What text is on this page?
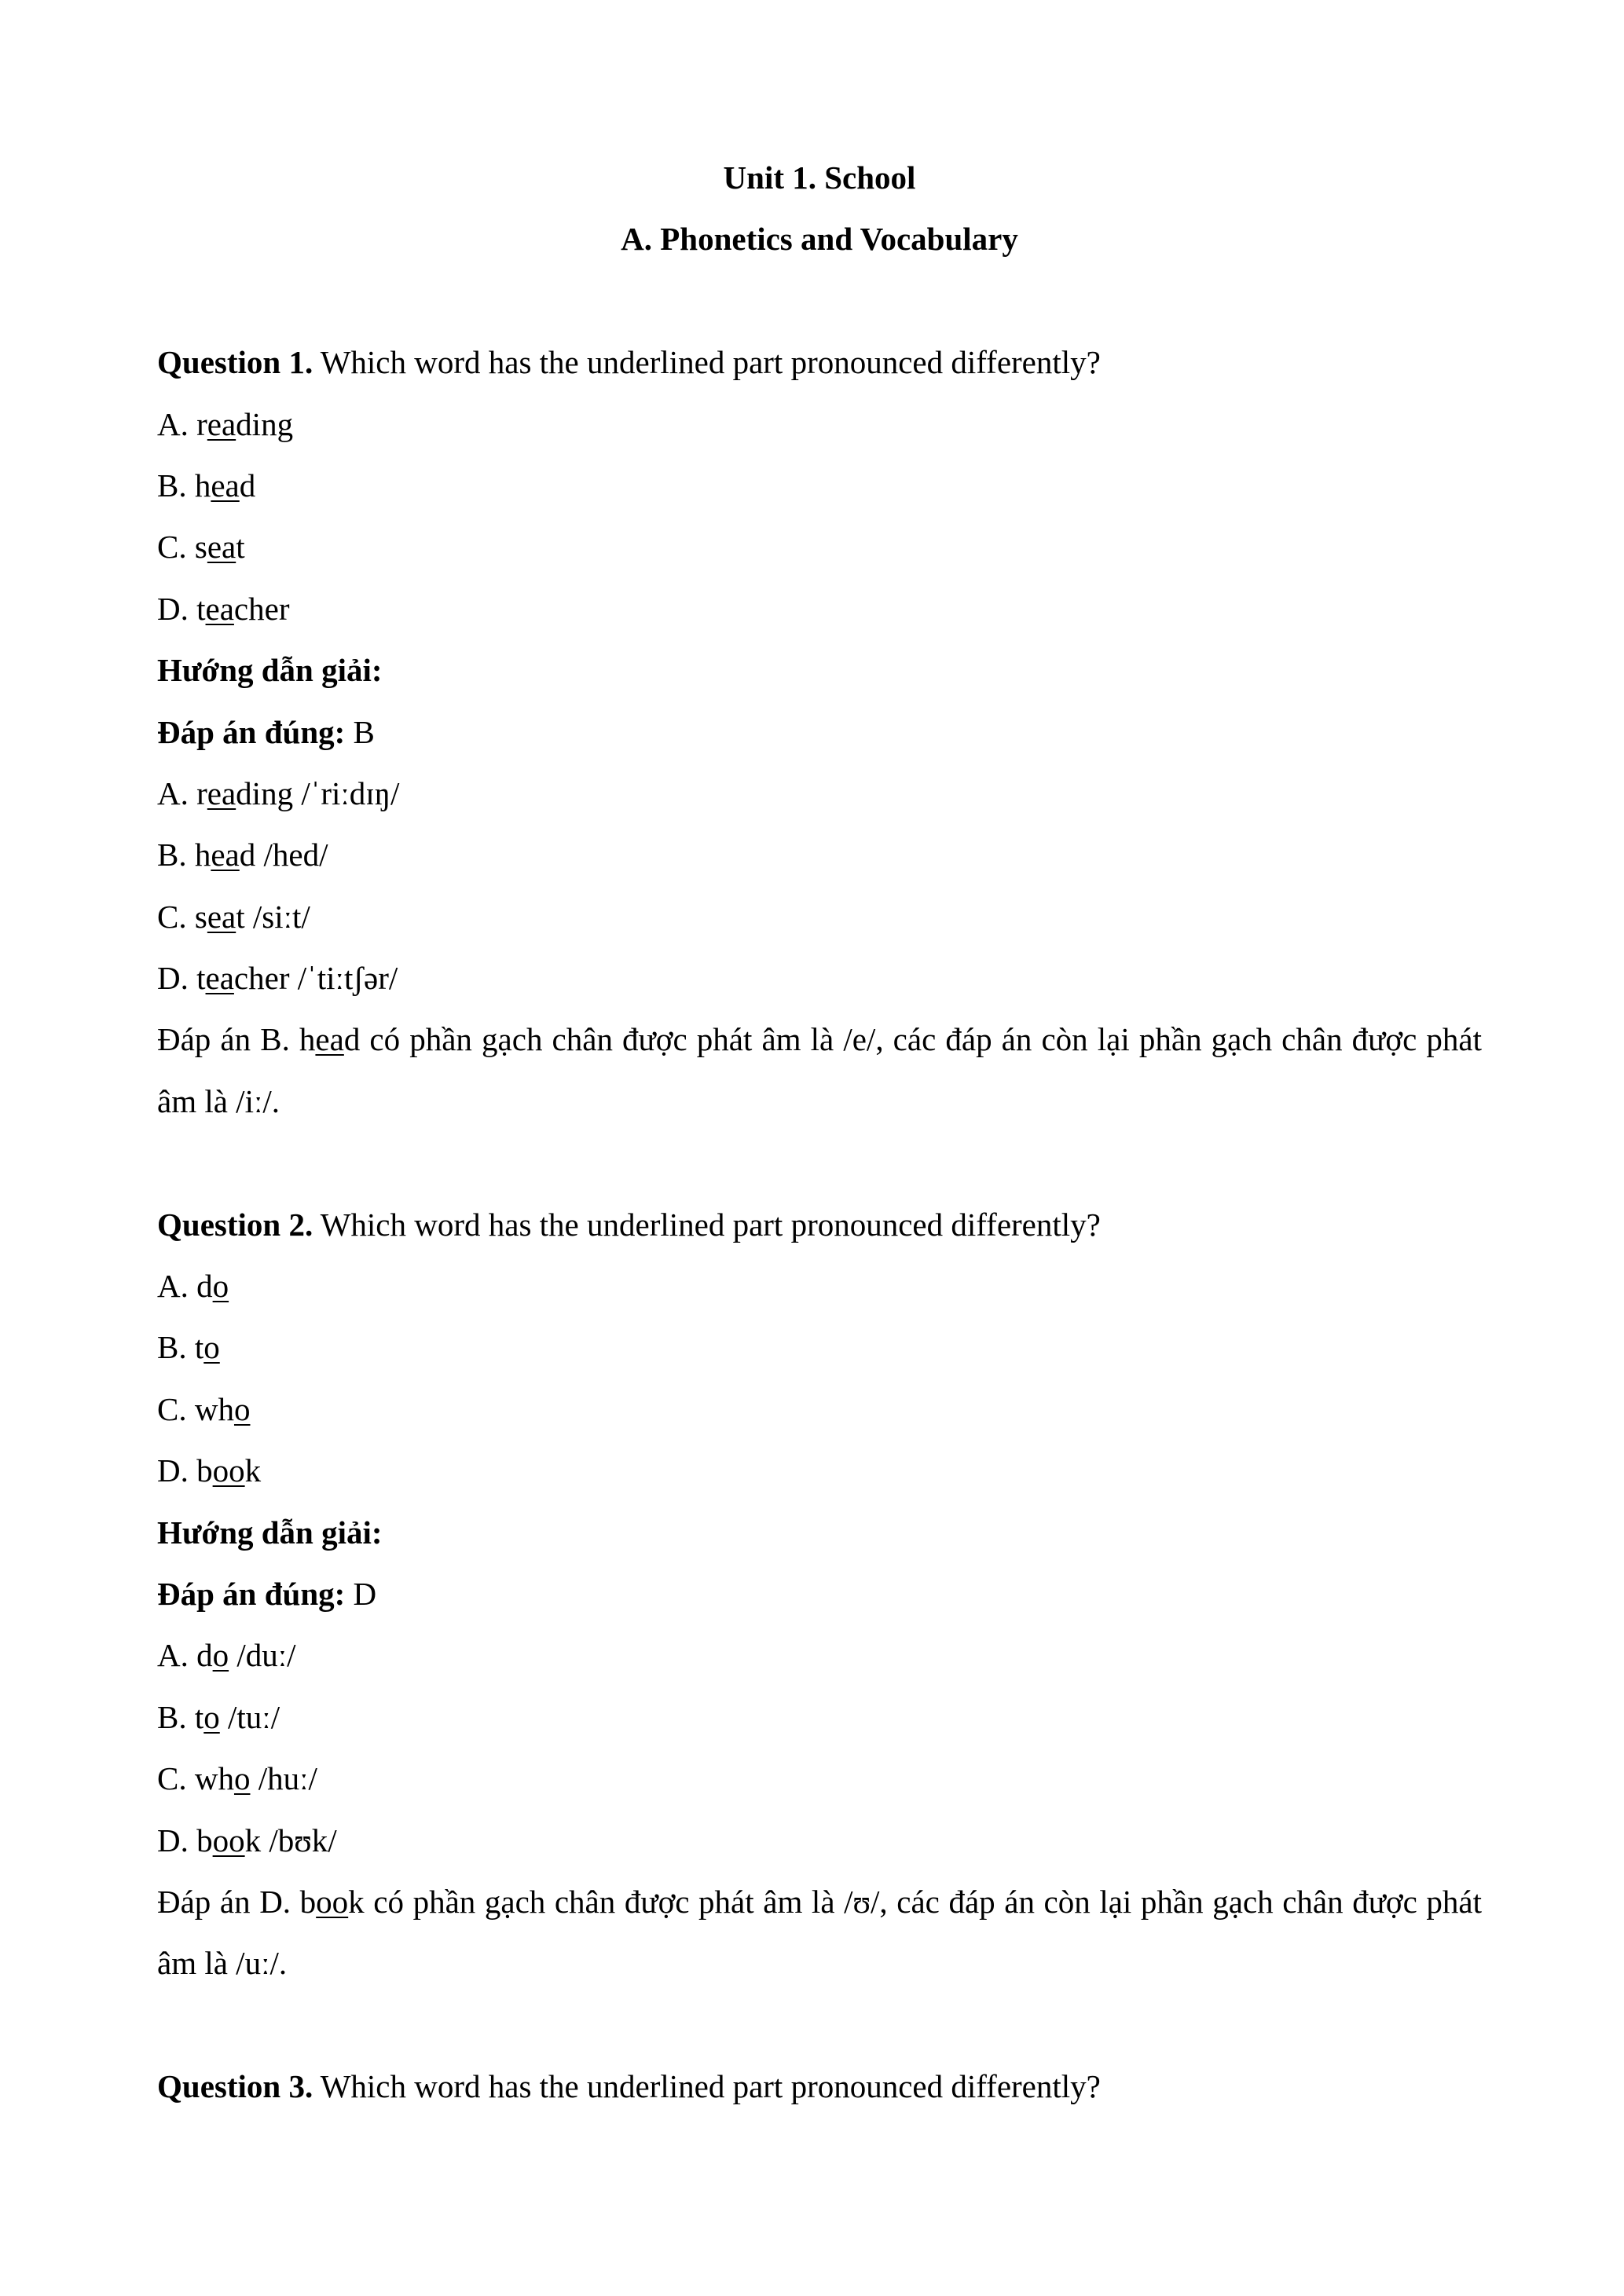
Unit 1. School
A. Phonetics and Vocabulary
Question 1. Which word has the underlined part pronounced differently?
A. reading
B. head
C. seat
D. teacher
Hướng dẫn giải:
Đáp án đúng: B
A. reading /ˈriːdɪŋ/
B. head /hed/
C. seat /siːt/
D. teacher /ˈtiːtʃər/
Đáp án B. head có phần gạch chân được phát âm là /e/, các đáp án còn lại phần gạch chân được phát âm là /iː/.
Question 2. Which word has the underlined part pronounced differently?
A. do
B. to
C. who
D. book
Hướng dẫn giải:
Đáp án đúng: D
A. do /duː/
B. to /tuː/
C. who /huː/
D. book /bʊk/
Đáp án D. book có phần gạch chân được phát âm là /ʊ/, các đáp án còn lại phần gạch chân được phát âm là /uː/.
Question 3. Which word has the underlined part pronounced differently?
